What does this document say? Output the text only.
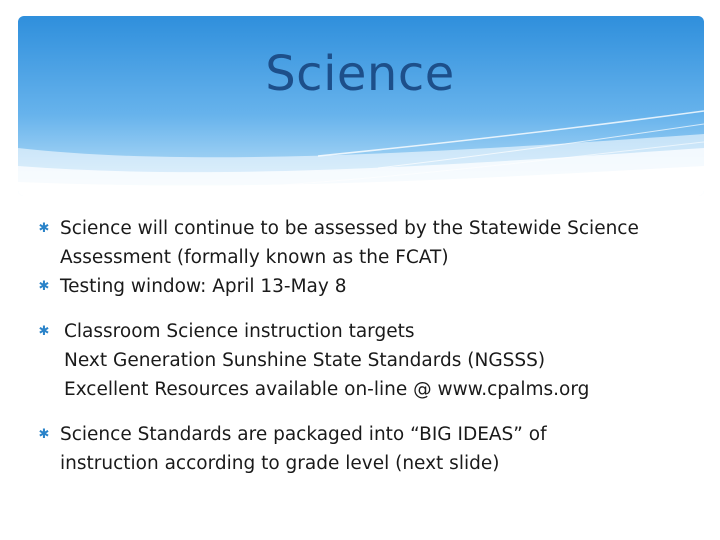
Science
✱ Science will continue to be assessed by the Statewide Science
Assessment (formally known as the FCAT)
✱ Testing window: April 13-May 8
✱ Classroom Science instruction targets
Next Generation Sunshine State Standards (NGSSS)
Excellent Resources available on-line @ www.cpalms.org
✱ Science Standards are packaged into “BIG IDEAS” of
instruction according to grade level (next slide)
